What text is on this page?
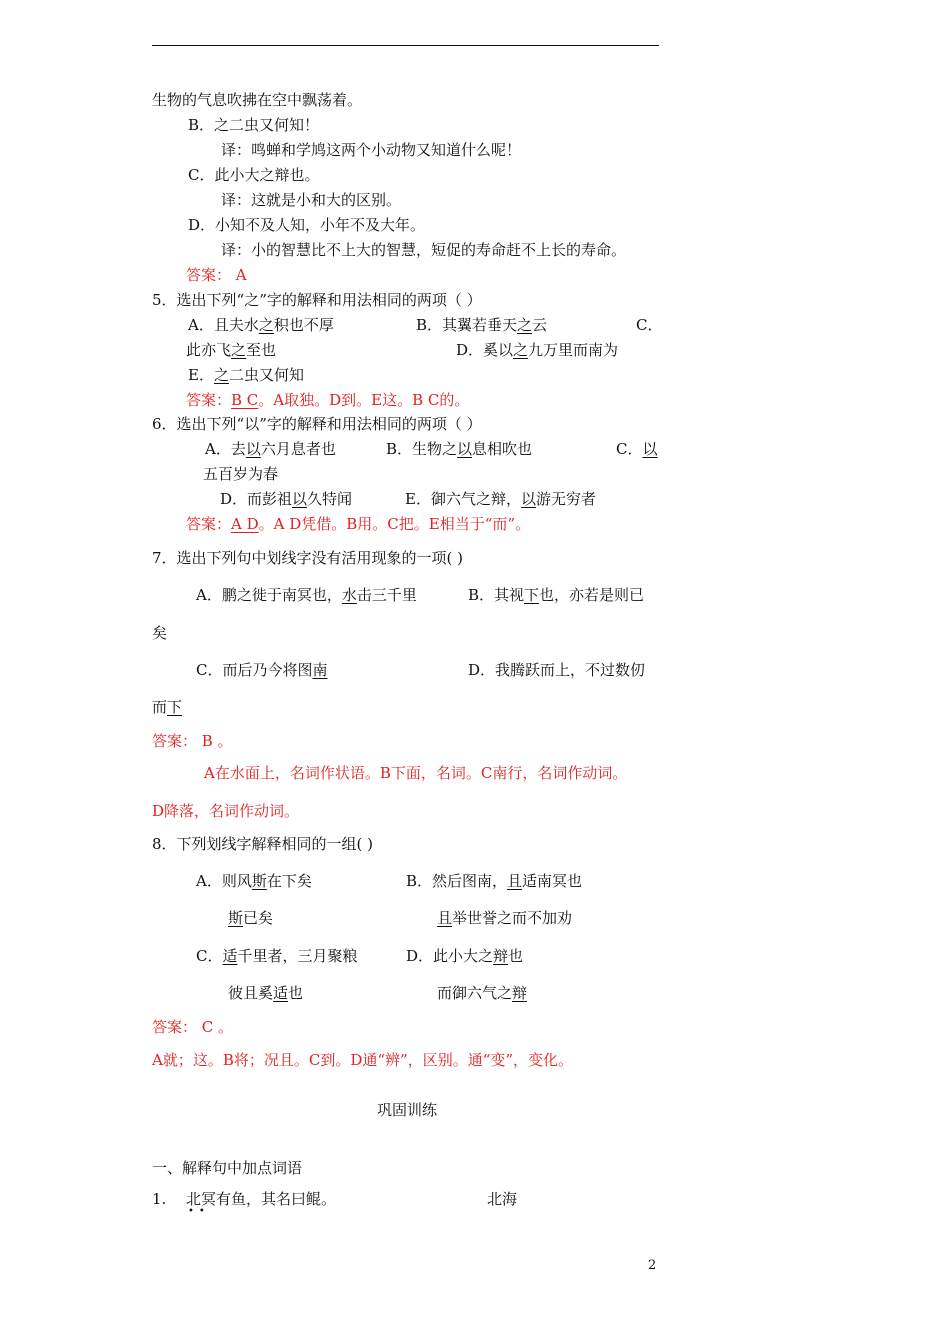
生物的气息吹拂在空中飘荡着。
B．之二虫又何知！
译：鸣蝉和学鸠这两个小动物又知道什么呢！
C．此小大之辩也。
译：这就是小和大的区别。
D．小知不及人知，小年不及大年。
译：小的智慧比不上大的智慧，短促的寿命赶不上长的寿命。
答案： A
5．选出下列“之”字的解释和用法相同的两项（ ）
A．且夫水之积也不厚	B．其翼若垂天之云	C．
此亦飞之至也	D．奚以之九万里而南为
E．之二虫又何知
答案：B C。A取独。D到。E这。B C的。
6．选出下列“以”字的解释和用法相同的两项（ ）
A．去以六月息者也	B．生物之以息相吹也	C．以
五百岁为春
D．而彭祖以久特闻	E．御六气之辩，以游无穷者
答案：A D。A D凭借。B用。C把。E相当于“而”。
7．选出下列句中划线字没有活用现象的一项( )
A．鹏之徙于南冥也，水击三千里	B．其视下也，亦若是则已
矣
C．而后乃今将图南	D．我腾跃而上，不过数仞
而下
答案： B 。
A在水面上，名词作状语。B下面，名词。C南行，名词作动词。
D降落，名词作动词。
8．下列划线字解释相同的一组( )
A．则风斯在下矣	B．然后图南，且适南冥也
斯已矣	且举世誉之而不加劝
C．适千里者，三月聚粮	D．此小大之辩也
彼且奚适也	而御六气之辩
答案： C 。
A就；这。B将；况且。C到。D通“辨”，区别。通“变”，变化。
巩固训练
一、解释句中加点词语
1. 北冥有鱼，其名曰鲲。
••
北海
2
